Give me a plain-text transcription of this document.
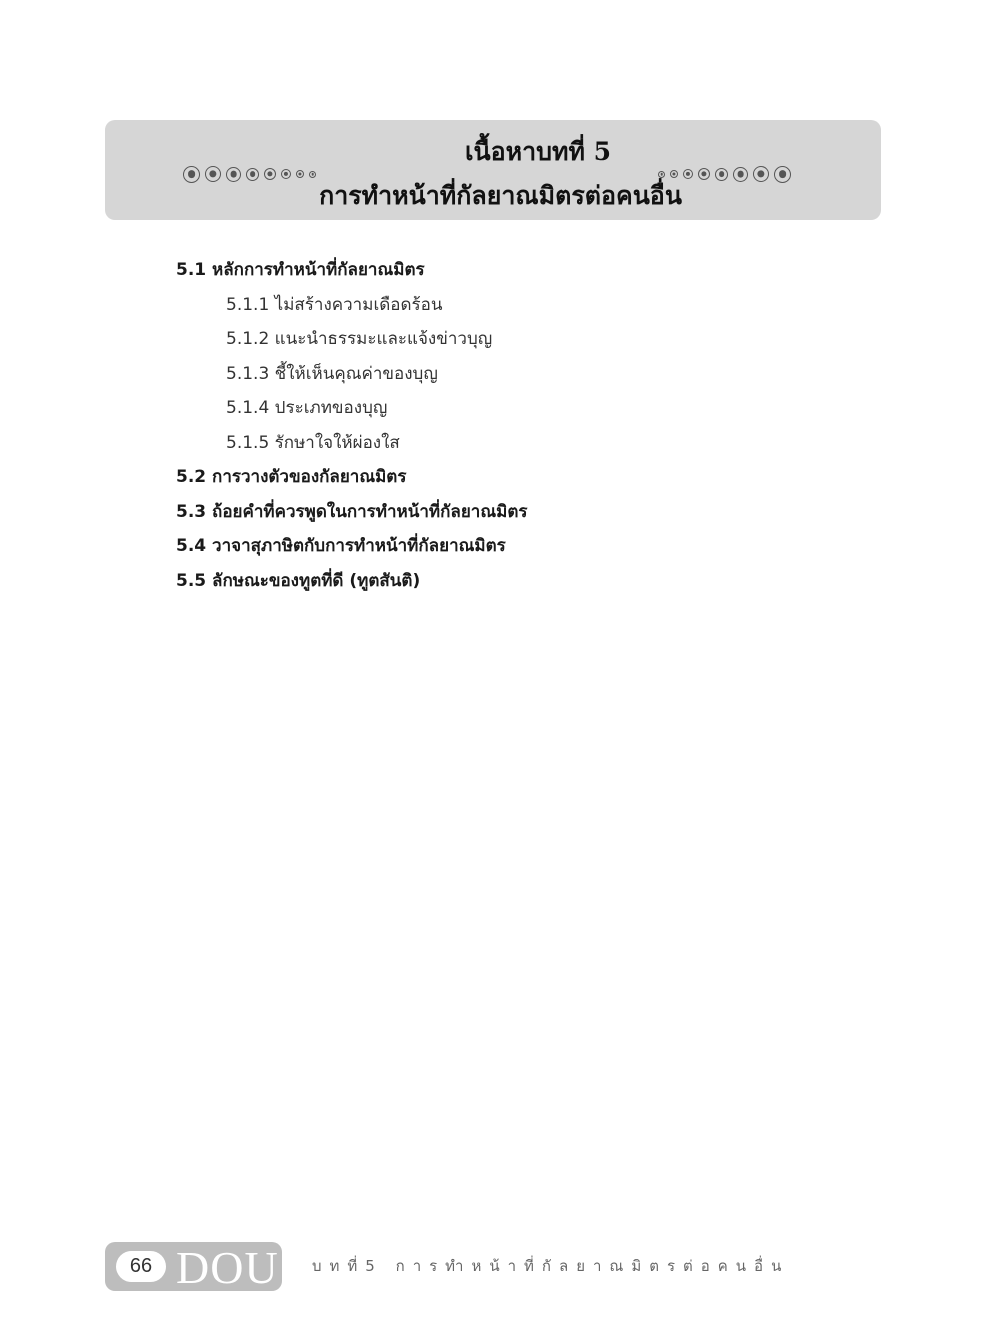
เนื้อหาบทที่ 5
การทำหน้าที่กัลยาณมิตรต่อคนอื่น
5.1 หลักการทำหน้าที่กัลยาณมิตร
5.1.1 ไม่สร้างความเดือดร้อน
5.1.2 แนะนำธรรมะและแจ้งข่าวบุญ
5.1.3 ชี้ให้เห็นคุณค่าของบุญ
5.1.4 ประเภทของบุญ
5.1.5 รักษาใจให้ผ่องใส
5.2 การวางตัวของกัลยาณมิตร
5.3 ถ้อยคำที่ควรพูดในการทำหน้าที่กัลยาณมิตร
5.4 วาจาสุภาษิตกับการทำหน้าที่กัลยาณมิตร
5.5 ลักษณะของทูตที่ดี (ทูตสันติ)
66 DOU บทที่5 การทำหน้าที่กัลยาณมิตรต่อคนอื่น
